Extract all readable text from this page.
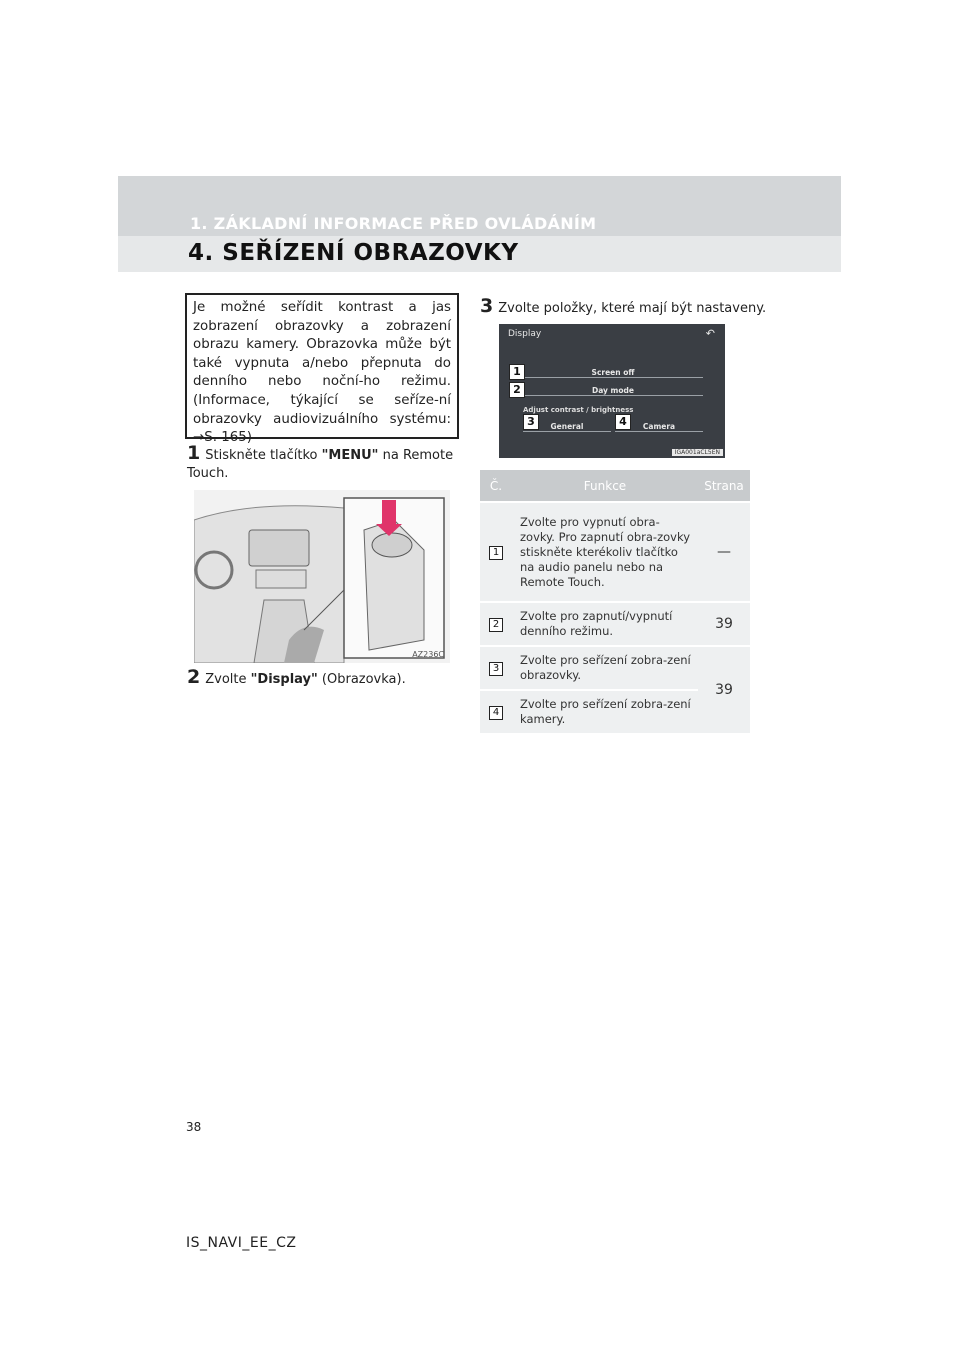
1. ZÁKLADNÍ INFORMACE PŘED OVLÁDÁNÍM
4. SEŘÍZENÍ OBRAZOVKY
Je možné seřídit kontrast a jas zobrazení obrazovky a zobrazení obrazu kamery. Obrazovka může být také vypnuta a/nebo přepnuta do denního nebo noční-ho režimu. (Informace, týkající se seříze-ní obrazovky audiovizuálního systému: →S. 165)
1 Stiskněte tlačítko "MENU" na Remote Touch.
AZ236C
2 Zvolte "Display" (Obrazovka).
3 Zvolte položky, které mají být nastaveny.
Display	↶
Screen off
Day mode
Adjust contrast / brightness
General	Camera
1
2
3	4
IGA001aCL5EN
Č.	Funkce	Strana
1	Zvolte pro vypnutí obra-zovky. Pro zapnutí obra-zovky stiskněte kterékoliv tlačítko na audio panelu nebo na Remote Touch.	—
2	Zvolte pro zapnutí/vypnutí denního režimu.	39
3	Zvolte pro seřízení zobra-zení obrazovky.	39
4	Zvolte pro seřízení zobra-zení kamery.	
38
IS_NAVI_EE_CZ
